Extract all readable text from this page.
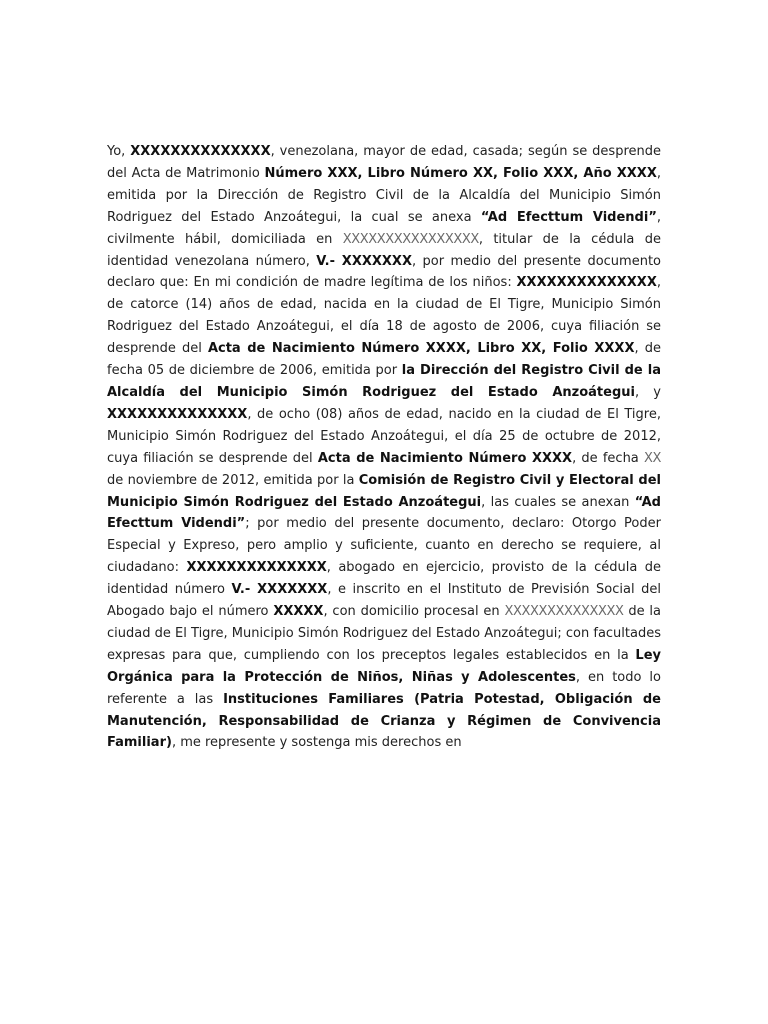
Yo, XXXXXXXXXXXXXX, venezolana, mayor de edad, casada; según se desprende del Acta de Matrimonio Número XXX, Libro Número XX, Folio XXX, Año XXXX, emitida por la Dirección de Registro Civil de la Alcaldía del Municipio Simón Rodriguez del Estado Anzoátegui, la cual se anexa “Ad Efecttum Videndi”, civilmente hábil, domiciliada en XXXXXXXXXXXXXXXX, titular de la cédula de identidad venezolana número, V.- XXXXXXX, por medio del presente documento declaro que: En mi condición de madre legítima de los niños: XXXXXXXXXXXXXX, de catorce (14) años de edad, nacida en la ciudad de El Tigre, Municipio Simón Rodriguez del Estado Anzoátegui, el día 18 de agosto de 2006, cuya filiación se desprende del Acta de Nacimiento Número XXXX, Libro XX, Folio XXXX, de fecha 05 de diciembre de 2006, emitida por la Dirección del Registro Civil de la Alcaldía del Municipio Simón Rodriguez del Estado Anzoátegui, y XXXXXXXXXXXXXX, de ocho (08) años de edad, nacido en la ciudad de El Tigre, Municipio Simón Rodriguez del Estado Anzoátegui, el día 25 de octubre de 2012, cuya filiación se desprende del Acta de Nacimiento Número XXXX, de fecha XX de noviembre de 2012, emitida por la Comisión de Registro Civil y Electoral del Municipio Simón Rodriguez del Estado Anzoátegui, las cuales se anexan “Ad Efecttum Videndi”; por medio del presente documento, declaro: Otorgo Poder Especial y Expreso, pero amplio y suficiente, cuanto en derecho se requiere, al ciudadano: XXXXXXXXXXXXXX, abogado en ejercicio, provisto de la cédula de identidad número V.- XXXXXXX, e inscrito en el Instituto de Previsión Social del Abogado bajo el número XXXXX, con domicilio procesal en XXXXXXXXXXXXXX de la ciudad de El Tigre, Municipio Simón Rodriguez del Estado Anzoátegui; con facultades expresas para que, cumpliendo con los preceptos legales establecidos en la Ley Orgánica para la Protección de Niños, Niñas y Adolescentes, en todo lo referente a las Instituciones Familiares (Patria Potestad, Obligación de Manutención, Responsabilidad de Crianza y Régimen de Convivencia Familiar), me represente y sostenga mis derechos en
